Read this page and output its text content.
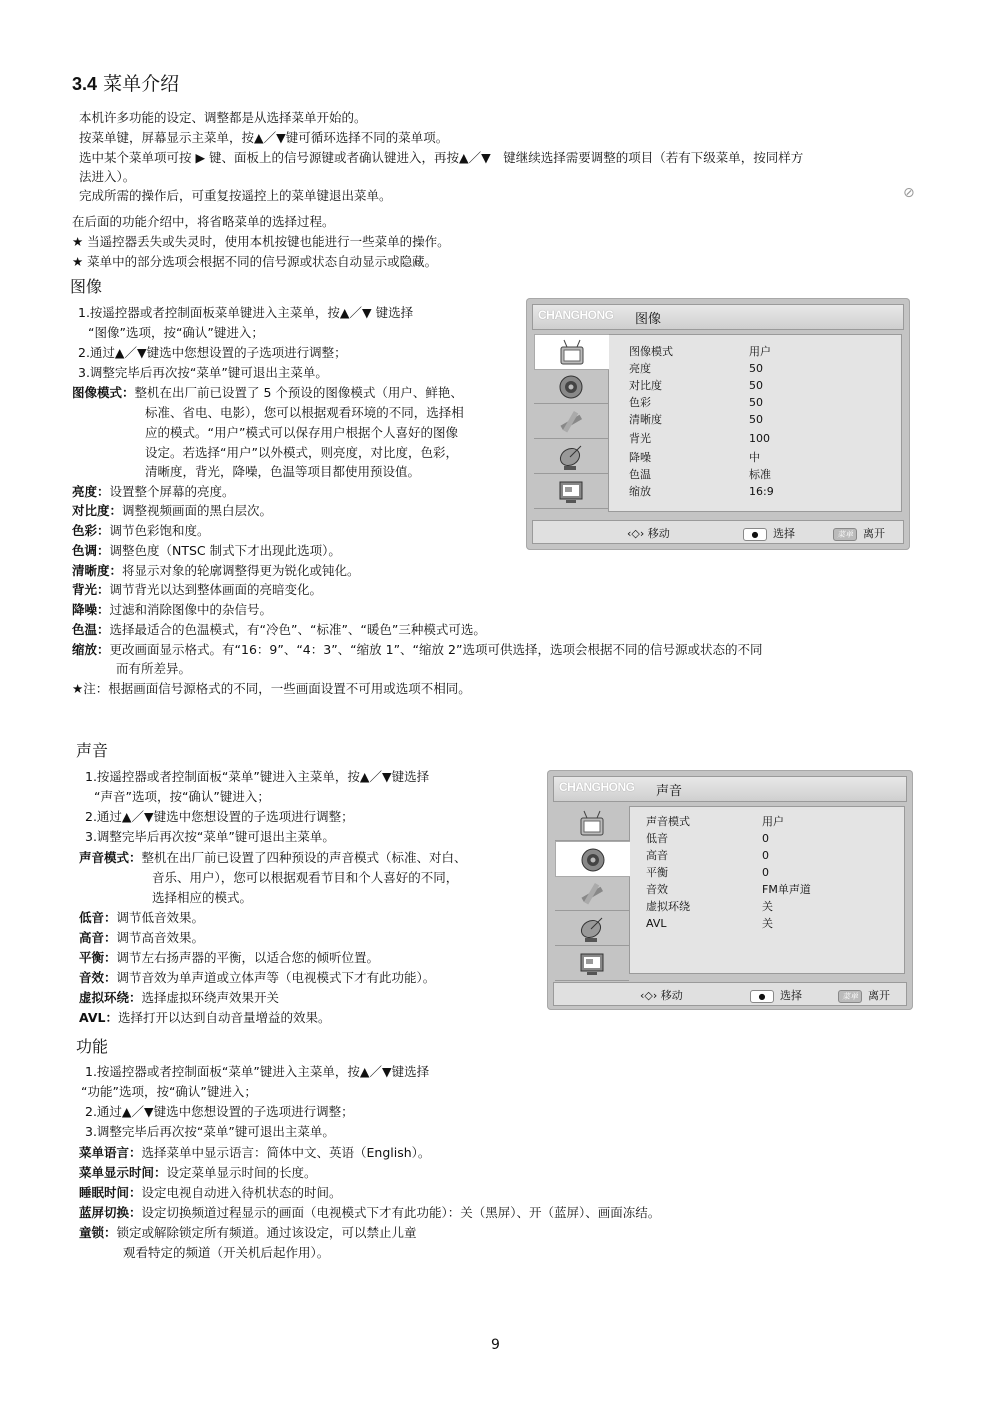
3.4 菜单介绍
本机许多功能的设定、调整都是从选择菜单开始的。
按菜单键，屏幕显示主菜单，按▲／▼键可循环选择不同的菜单项。
选中某个菜单项可按 ▶ 键、面板上的信号源键或者确认键进入，再按▲／▼　键继续选择需要调整的项目（若有下级菜单，按同样方
法进入）。
完成所需的操作后，可重复按遥控上的菜单键退出菜单。	⊘
在后面的功能介绍中，将省略菜单的选择过程。
★ 当遥控器丢失或失灵时，使用本机按键也能进行一些菜单的操作。
★ 菜单中的部分选项会根据不同的信号源或状态自动显示或隐藏。
图像
1.按遥控器或者控制面板菜单键进入主菜单，按▲／▼ 键选择
“图像”选项，按“确认”键进入；
2.通过▲／▼键选中您想设置的子选项进行调整；
3.调整完毕后再次按“菜单”键可退出主菜单。
图像模式：整机在出厂前已设置了 5 个预设的图像模式（用户、鲜艳、
标准、省电、电影），您可以根据观看环境的不同，选择相
应的模式。“用户”模式可以保存用户根据个人喜好的图像
设定。若选择“用户”以外模式，则亮度，对比度，色彩，
清晰度，背光，降噪，色温等项目都使用预设值。
亮度：设置整个屏幕的亮度。
对比度：调整视频画面的黑白层次。
色彩：调节色彩饱和度。
色调：调整色度（NTSC 制式下才出现此选项）。
清晰度：将显示对象的轮廓调整得更为锐化或钝化。
背光：调节背光以达到整体画面的亮暗变化。
降噪：过滤和消除图像中的杂信号。
色温：选择最适合的色温模式，有“冷色”、“标准”、“暖色”三种模式可选。
缩放：更改画面显示格式。有“16：9”、“4：3”、“缩放 1”、“缩放 2”选项可供选择，选项会根据不同的信号源或状态的不同
而有所差异。
★注：根据画面信号源格式的不同，一些画面设置不可用或选项不相同。
CHANGHONG 图像
图像模式	用户
亮度	50
对比度	50
色彩	50
清晰度	50
背光	100
降噪	中
色温	标准
缩放	16:9
‹◇› 移动	● 选择	菜单 离开
声音
1.按遥控器或者控制面板“菜单”键进入主菜单，按▲／▼键选择
“声音”选项，按“确认”键进入；
2.通过▲／▼键选中您想设置的子选项进行调整；
3.调整完毕后再次按“菜单”键可退出主菜单。
声音模式：整机在出厂前已设置了四种预设的声音模式（标准、对白、
音乐、用户），您可以根据观看节目和个人喜好的不同，
选择相应的模式。
低音：调节低音效果。
高音：调节高音效果。
平衡：调节左右扬声器的平衡，以适合您的倾听位置。
音效：调节音效为单声道或立体声等（电视模式下才有此功能）。
虚拟环绕：选择虚拟环绕声效果开关
AVL：选择打开以达到自动音量增益的效果。
CHANGHONG 声音
声音模式	用户
低音	0
高音	0
平衡	0
音效	FM单声道
虚拟环绕	关
AVL	关
‹◇› 移动	● 选择	菜单 离开
功能
1.按遥控器或者控制面板“菜单”键进入主菜单，按▲／▼键选择
“功能”选项，按“确认”键进入；
2.通过▲／▼键选中您想设置的子选项进行调整；
3.调整完毕后再次按“菜单”键可退出主菜单。
菜单语言：选择菜单中显示语言：简体中文、英语（English）。
菜单显示时间：设定菜单显示时间的长度。
睡眠时间：设定电视自动进入待机状态的时间。
蓝屏切换：设定切换频道过程显示的画面（电视模式下才有此功能）：关（黑屏）、开（蓝屏）、画面冻结。
童锁：锁定或解除锁定所有频道。通过该设定，可以禁止儿童
观看特定的频道（开关机后起作用）。
9
